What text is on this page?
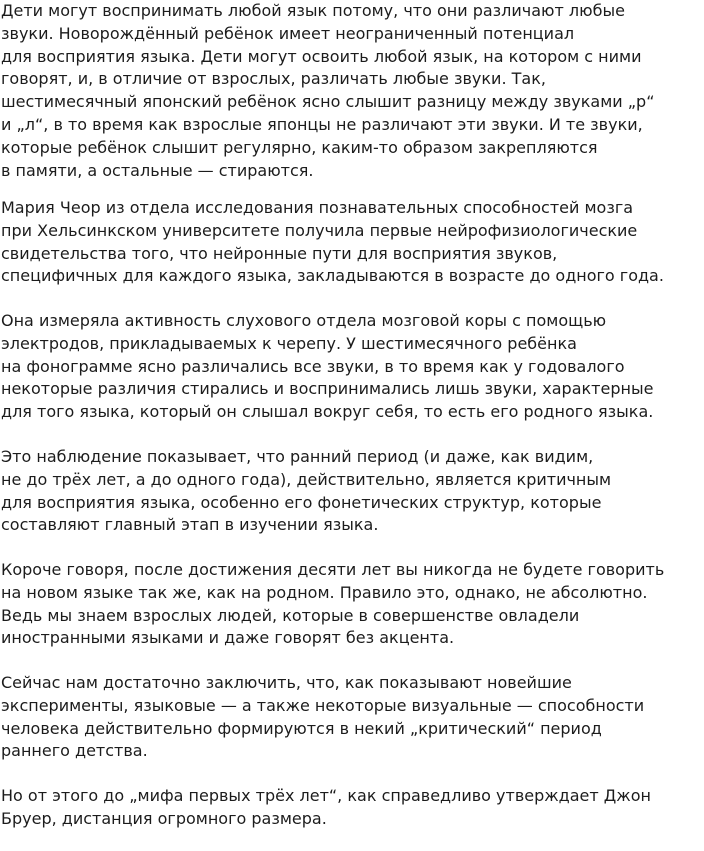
Дети могут воспринимать любой язык потому, что они различают любые
звуки. Новорождённый ребёнок имеет неограниченный потенциал
для восприятия языка. Дети могут освоить любой язык, на котором с ними
говорят, и, в отличие от взрослых, различать любые звуки. Так,
шестимесячный японский ребёнок ясно слышит разницу между звуками „р“
и „л“, в то время как взрослые японцы не различают эти звуки. И те звуки,
которые ребёнок слышит регулярно, каким-то образом закрепляются
в памяти, а остальные — стираются.

Мария Чеор из отдела исследования познавательных способностей мозга
при Хельсинкском университете получила первые нейрофизиологические
свидетельства того, что нейронные пути для восприятия звуков,
специфичных для каждого языка, закладываются в возрасте до одного года.

Она измеряла активность слухового отдела мозговой коры с помощью
электродов, прикладываемых к черепу. У шестимесячного ребёнка
на фонограмме ясно различались все звуки, в то время как у годовалого
некоторые различия стирались и воспринимались лишь звуки, характерные
для того языка, который он слышал вокруг себя, то есть его родного языка.

Это наблюдение показывает, что ранний период (и даже, как видим,
не до трёх лет, а до одного года), действительно, является критичным
для восприятия языка, особенно его фонетических структур, которые
составляют главный этап в изучении языка.

Короче говоря, после достижения десяти лет вы никогда не будете говорить
на новом языке так же, как на родном. Правило это, однако, не абсолютно.
Ведь мы знаем взрослых людей, которые в совершенстве овладели
иностранными языками и даже говорят без акцента.

Сейчас нам достаточно заключить, что, как показывают новейшие
эксперименты, языковые — а также некоторые визуальные — способности
человека действительно формируются в некий „критический“ период
раннего детства.

Но от этого до „мифа первых трёх лет“, как справедливо утверждает Джон
Бруер, дистанция огромного размера.
